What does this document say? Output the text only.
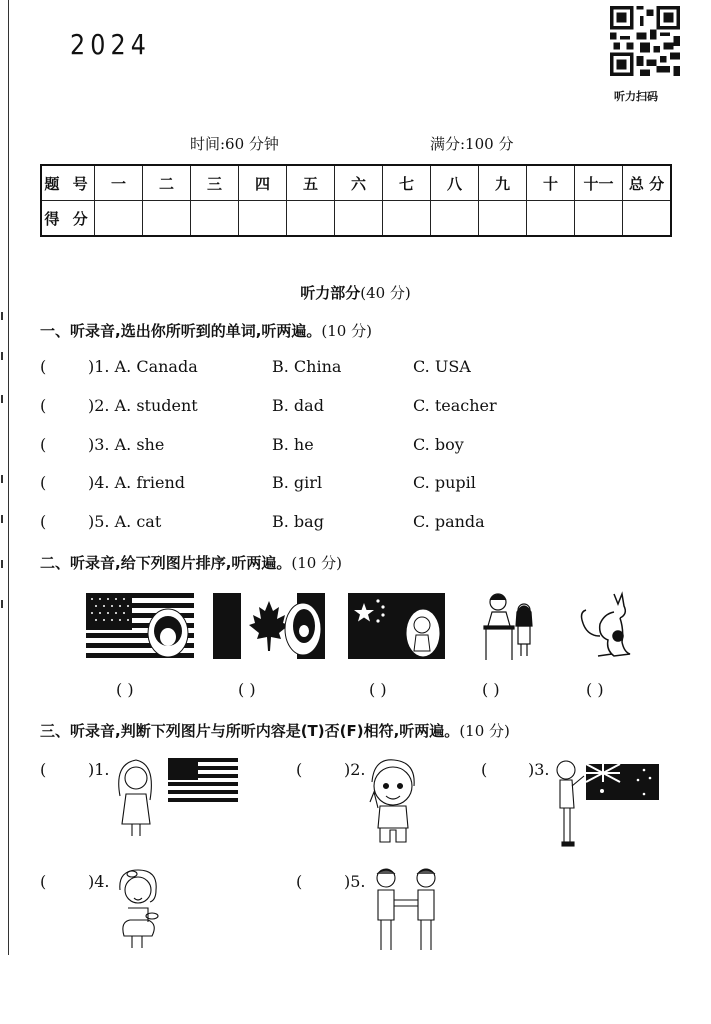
2024
听力扫码
时间:60 分钟	满分:100 分
题 号	一	二	三	四	五	六	七	八	九	十	十一	总 分
得 分												
听力部分(40 分)
一、听录音,选出你所听到的单词,听两遍。(10 分)
(	)1. A. Canada	B. China	C. USA
(	)2. A. student	B. dad	C. teacher
(	)3. A. she	B. he	C. boy
(	)4. A. friend	B. girl	C. pupil
(	)5. A. cat	B. bag	C. panda
二、听录音,给下列图片排序,听两遍。(10 分)
( )	( )	( )	( )	( )
三、听录音,判断下列图片与所听内容是(T)否(F)相符,听两遍。(10 分)
(	)1.	(	)2.	(	)3.
(	)4.	(	)5.
